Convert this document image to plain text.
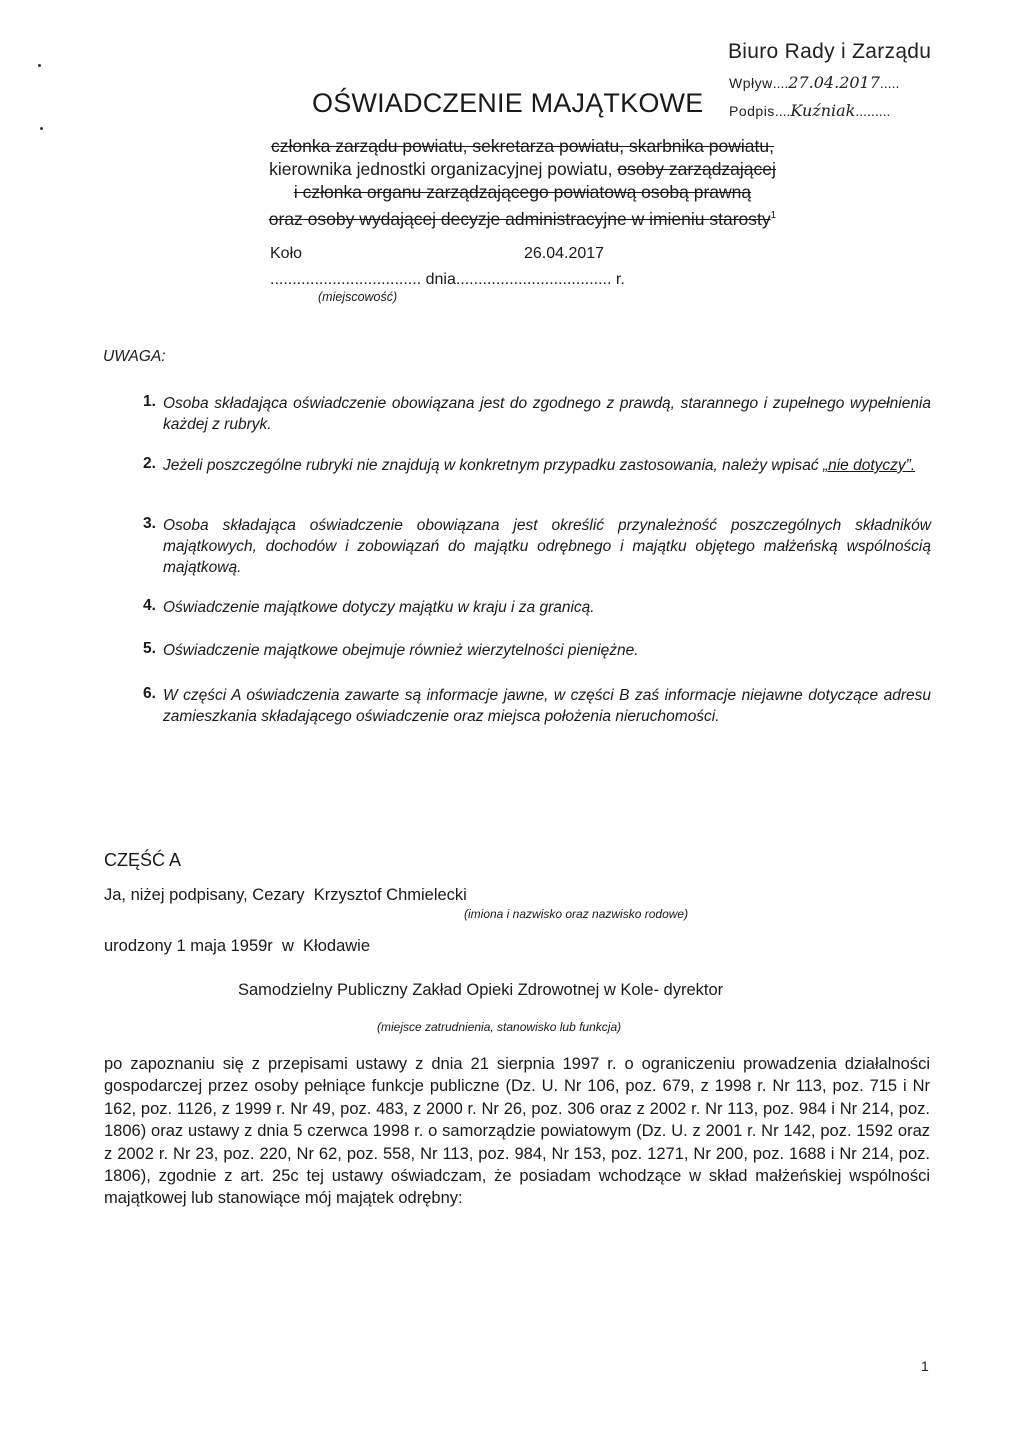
Biuro Rady i Zarządu
Wpływ....27.04.2017.....
Podpis....Kuźniak.........
OŚWIADCZENIE MAJĄTKOWE
członka zarządu powiatu, sekretarza powiatu, skarbnika powiatu,
kierownika jednostki organizacyjnej powiatu, osoby zarządzającej
i członka organu zarządzającego powiatową osobą prawną
oraz osoby wydającej decyzje administracyjne w imieniu starosty$^1$
Koło	26.04.2017
.................................. dnia................................... r.
(miejscowość)
UWAGA:
1. Osoba składająca oświadczenie obowiązana jest do zgodnego z prawdą, starannego i zupełnego wypełnienia każdej z rubryk.
2. Jeżeli poszczególne rubryki nie znajdują w konkretnym przypadku zastosowania, należy wpisać „nie dotyczy”.
3. Osoba składająca oświadczenie obowiązana jest określić przynależność poszczególnych składników majątkowych, dochodów i zobowiązań do majątku odrębnego i majątku objętego małżeńską wspólnością majątkową.
4. Oświadczenie majątkowe dotyczy majątku w kraju i za granicą.
5. Oświadczenie majątkowe obejmuje również wierzytelności pieniężne.
6. W części A oświadczenia zawarte są informacje jawne, w części B zaś informacje niejawne dotyczące adresu zamieszkania składającego oświadczenie oraz miejsca położenia nieruchomości.
CZĘŚĆ A
Ja, niżej podpisany, Cezary  Krzysztof Chmielecki
(imiona i nazwisko oraz nazwisko rodowe)
urodzony 1 maja 1959r  w  Kłodawie
Samodzielny Publiczny Zakład Opieki Zdrowotnej w Kole- dyrektor
(miejsce zatrudnienia, stanowisko lub funkcja)
po zapoznaniu się z przepisami ustawy z dnia 21 sierpnia 1997 r. o ograniczeniu prowadzenia działalności gospodarczej przez osoby pełniące funkcje publiczne (Dz. U. Nr 106, poz. 679, z 1998 r. Nr 113, poz. 715 i Nr 162, poz. 1126, z 1999 r. Nr 49, poz. 483, z 2000 r. Nr 26, poz. 306 oraz z 2002 r. Nr 113, poz. 984 i Nr 214, poz. 1806) oraz ustawy z dnia 5 czerwca 1998 r. o samorządzie powiatowym (Dz. U. z 2001 r. Nr 142, poz. 1592 oraz z 2002 r. Nr 23, poz. 220, Nr 62, poz. 558, Nr 113, poz. 984, Nr 153, poz. 1271, Nr 200, poz. 1688 i Nr 214, poz. 1806), zgodnie z art. 25c tej ustawy oświadczam, że posiadam wchodzące w skład małżeńskiej wspólności majątkowej lub stanowiące mój majątek odrębny:
1
